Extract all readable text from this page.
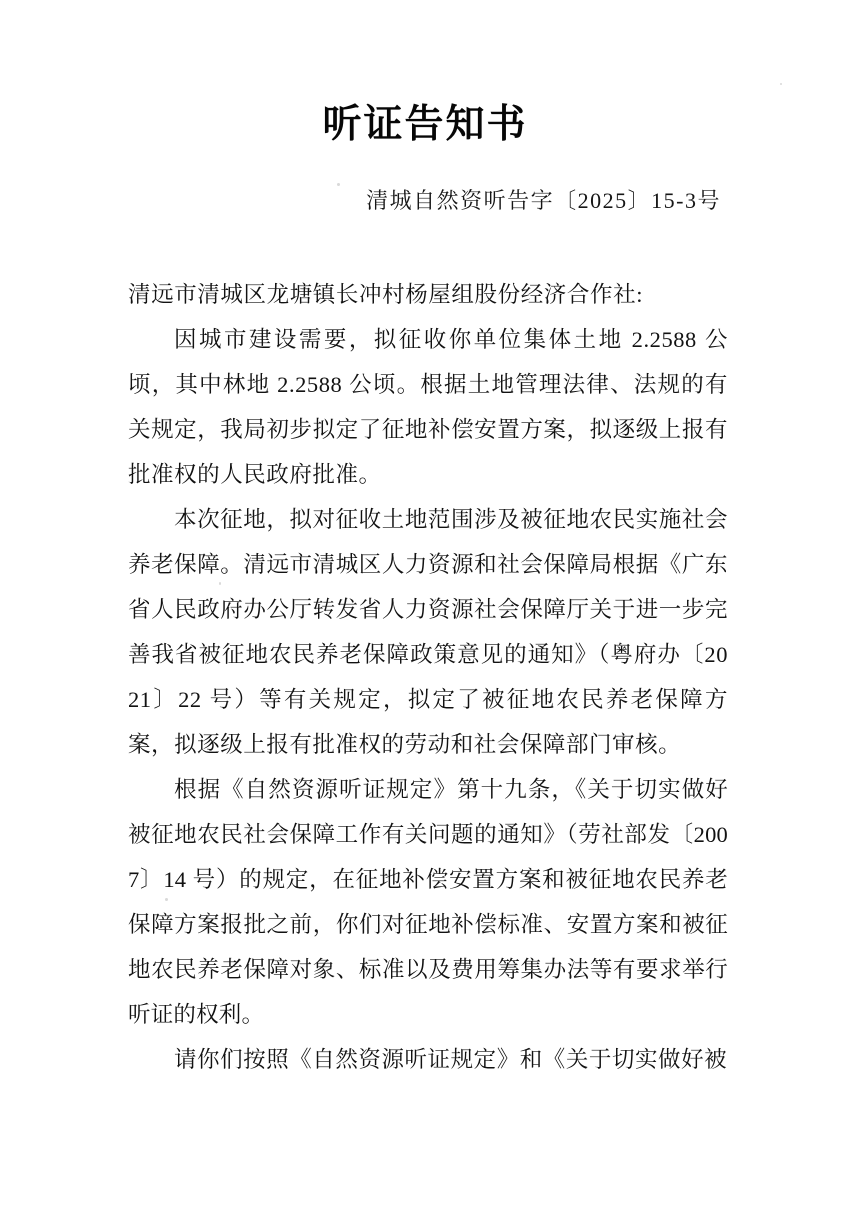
听证告知书
清城自然资听告字〔2025〕15-3号
清远市清城区龙塘镇长冲村杨屋组股份经济合作社:

因城市建设需要，拟征收你单位集体土地 2.2588 公顷，其中林地 2.2588 公顷。根据土地管理法律、法规的有关规定，我局初步拟定了征地补偿安置方案，拟逐级上报有批准权的人民政府批准。

本次征地，拟对征收土地范围涉及被征地农民实施社会养老保障。清远市清城区人力资源和社会保障局根据《广东省人民政府办公厅转发省人力资源社会保障厅关于进一步完善我省被征地农民养老保障政策意见的通知》（粤府办〔2021〕22 号）等有关规定，拟定了被征地农民养老保障方案，拟逐级上报有批准权的劳动和社会保障部门审核。

根据《自然资源听证规定》第十九条，《关于切实做好被征地农民社会保障工作有关问题的通知》（劳社部发〔2007〕14 号）的规定，在征地补偿安置方案和被征地农民养老保障方案报批之前，你们对征地补偿标准、安置方案和被征地农民养老保障对象、标准以及费用筹集办法等有要求举行听证的权利。

请你们按照《自然资源听证规定》和《关于切实做好被
